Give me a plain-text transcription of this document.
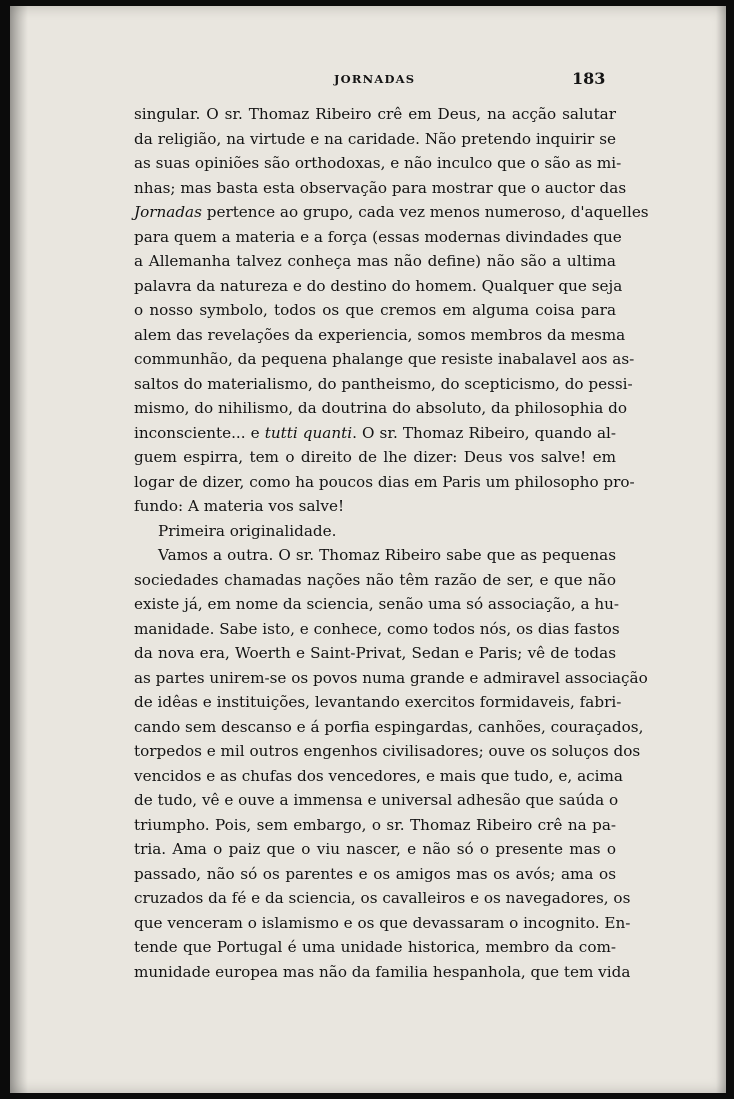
JORNADAS	183
singular. O sr. Thomaz Ribeiro crê em Deus, na acção salutar
da religião, na virtude e na caridade. Não pretendo inquirir se
as suas opiniões são orthodoxas, e não inculco que o são as mi-
nhas; mas basta esta observação para mostrar que o auctor das
Jornadas pertence ao grupo, cada vez menos numeroso, d'aquelles
para quem a materia e a força (essas modernas divindades que
a Allemanha talvez conheça mas não define) não são a ultima
palavra da natureza e do destino do homem. Qualquer que seja
o nosso symbolo, todos os que cremos em alguma coisa para
alem das revelações da experiencia, somos membros da mesma
communhão, da pequena phalange que resiste inabalavel aos as-
saltos do materialismo, do pantheismo, do scepticismo, do pessi-
mismo, do nihilismo, da doutrina do absoluto, da philosophia do
inconsciente... e tutti quanti. O sr. Thomaz Ribeiro, quando al-
guem espirra, tem o direito de lhe dizer: Deus vos salve! em
logar de dizer, como ha poucos dias em Paris um philosopho pro-
fundo: A materia vos salve!
Primeira originalidade.
Vamos a outra. O sr. Thomaz Ribeiro sabe que as pequenas
sociedades chamadas nações não têm razão de ser, e que não
existe já, em nome da sciencia, senão uma só associação, a hu-
manidade. Sabe isto, e conhece, como todos nós, os dias fastos
da nova era, Woerth e Saint-Privat, Sedan e Paris; vê de todas
as partes unirem-se os povos numa grande e admiravel associação
de idêas e instituições, levantando exercitos formidaveis, fabri-
cando sem descanso e á porfia espingardas, canhões, couraçados,
torpedos e mil outros engenhos civilisadores; ouve os soluços dos
vencidos e as chufas dos vencedores, e mais que tudo, e, acima
de tudo, vê e ouve a immensa e universal adhesão que saúda o
triumpho. Pois, sem embargo, o sr. Thomaz Ribeiro crê na pa-
tria. Ama o paiz que o viu nascer, e não só o presente mas o
passado, não só os parentes e os amigos mas os avós; ama os
cruzados da fé e da sciencia, os cavalleiros e os navegadores, os
que venceram o islamismo e os que devassaram o incognito. En-
tende que Portugal é uma unidade historica, membro da com-
munidade europea mas não da familia hespanhola, que tem vida
